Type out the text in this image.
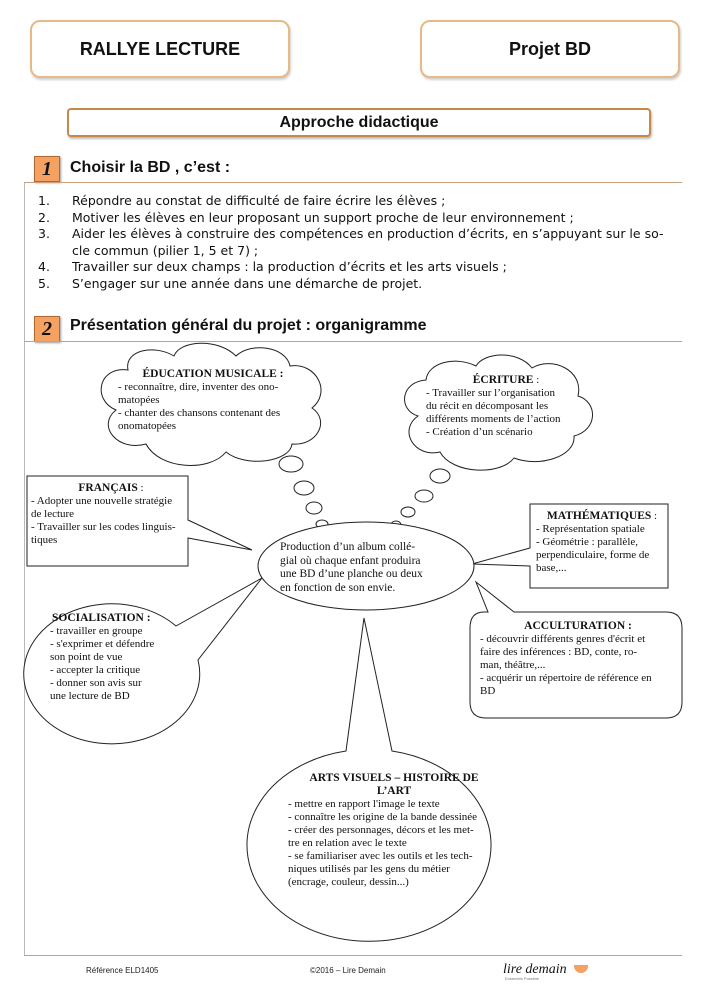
RALLYE LECTURE	Projet BD
Approche didactique
1 Choisir la BD , c’est :
1. Répondre au constat de difficulté de faire écrire les élèves ;
2. Motiver les élèves en leur proposant un support proche de leur environnement ;
3. Aider les élèves à construire des compétences en production d’écrits, en s’appuyant sur le so-
cle commun (pilier 1, 5 et 7) ;
4. Travailler sur deux champs : la production d’écrits et les arts visuels ;
5. S’engager sur une année dans une démarche de projet.
2 Présentation général du projet : organigramme
ÉDUCATION MUSICALE :
- reconnaître, dire, inventer des ono-
matopées
- chanter des chansons contenant des
onomatopées
ÉCRITURE :
- Travailler sur l’organisation
du récit en décomposant les
différents moments de l’action
- Création d’un scénario
FRANÇAIS :
- Adopter une nouvelle stratégie
de lecture
- Travailler sur les codes linguis-
tiques
MATHÉMATIQUES :
- Représentation spatiale
- Géométrie : parallèle,
perpendiculaire, forme de
base,...
Production d’un album collé-
gial où chaque enfant produira
une BD d’une planche ou deux
en fonction de son envie.
SOCIALISATION :
- travailler en groupe
- s'exprimer et défendre
son point de vue
- accepter la critique
- donner son avis sur
une lecture de BD
ACCULTURATION :
- découvrir différents genres d'écrit et
faire des inférences : BD, conte, ro-
man, théâtre,...
- acquérir un répertoire de référence en
BD
ARTS VISUELS – HISTOIRE DE
L’ART
- mettre en rapport l'image le texte
- connaître les origine de la bande dessinée
- créer des personnages, décors et les met-
tre en relation avec le texte
- se familiariser avec les outils et les tech-
niques utilisés par les gens du métier
(encrage, couleur, dessin...)
Référence ELD1405	©2016 – Lire Demain	lire demain
Ensemble Possible
